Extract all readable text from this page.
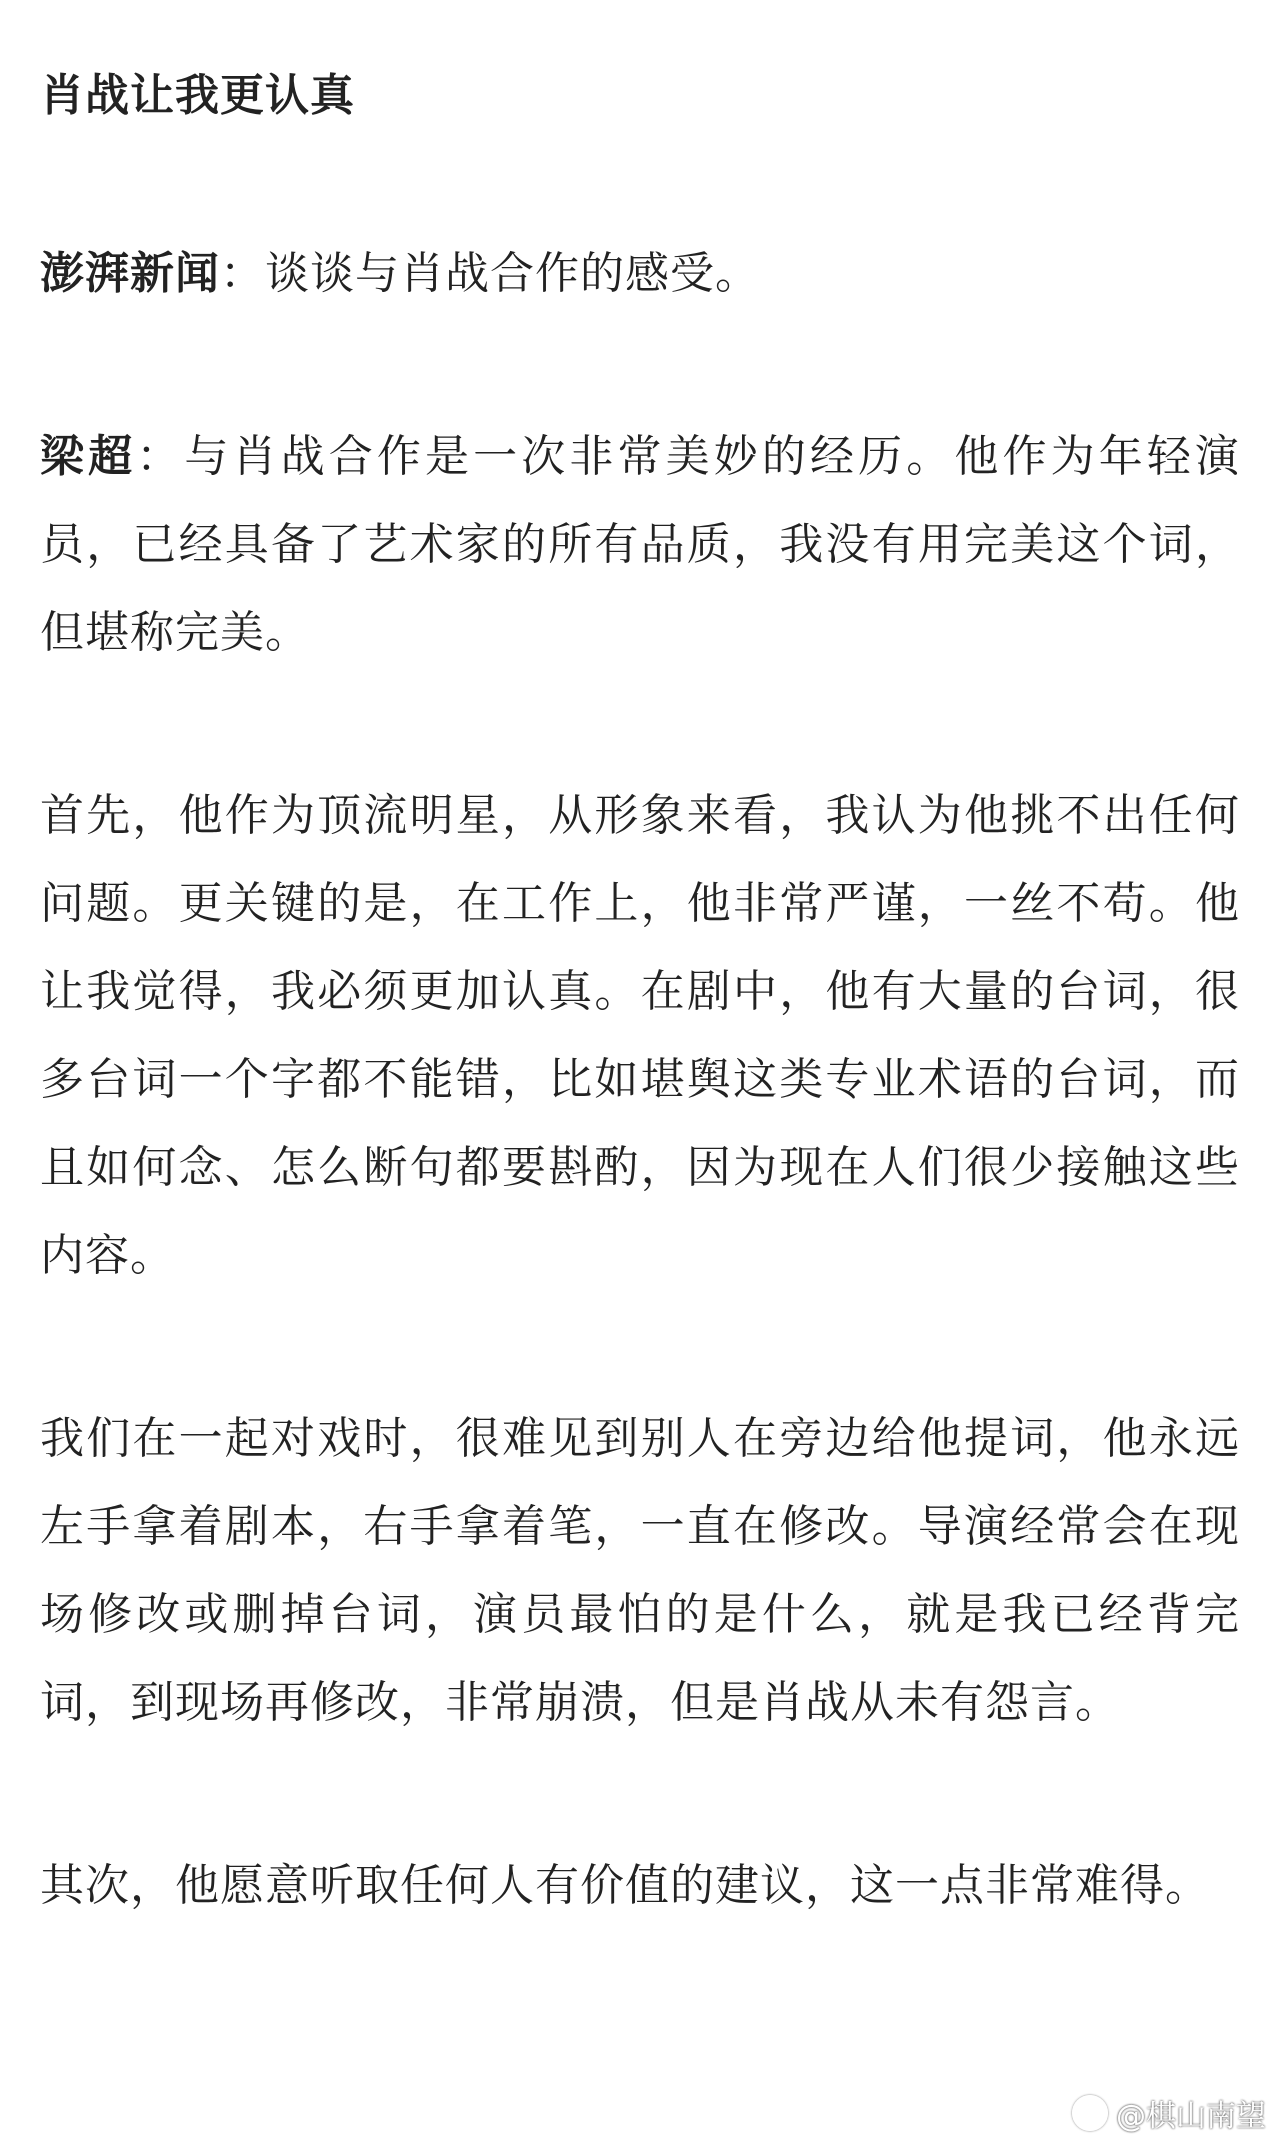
肖战让我更认真

澎湃新闻：谈谈与肖战合作的感受。

梁超：与肖战合作是一次非常美妙的经历。他作为年轻演员，已经具备了艺术家的所有品质，我没有用完美这个词，但堪称完美。

首先，他作为顶流明星，从形象来看，我认为他挑不出任何问题。更关键的是，在工作上，他非常严谨，一丝不苟。他让我觉得，我必须更加认真。在剧中，他有大量的台词，很多台词一个字都不能错，比如堪舆这类专业术语的台词，而且如何念、怎么断句都要斟酌，因为现在人们很少接触这些内容。

我们在一起对戏时，很难见到别人在旁边给他提词，他永远左手拿着剧本，右手拿着笔，一直在修改。导演经常会在现场修改或删掉台词，演员最怕的是什么，就是我已经背完词，到现场再修改，非常崩溃，但是肖战从未有怨言。

其次，他愿意听取任何人有价值的建议，这一点非常难得。

@棋山南望
